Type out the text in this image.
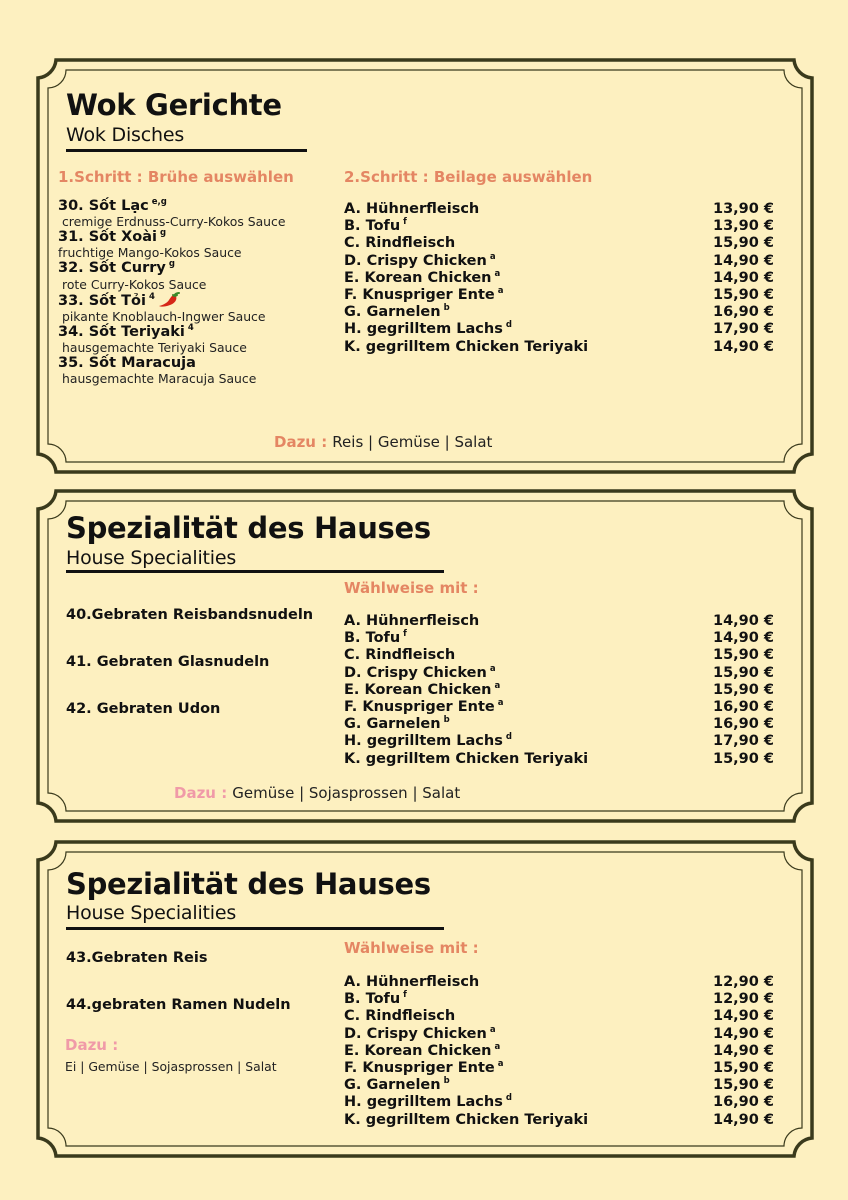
Wok Gerichte
Wok Disches
1.Schritt : Brühe auswählen	2.Schritt : Beilage auswählen
30. Sốt Lạc $^{e,g}$
cremige Erdnuss-Curry-Kokos Sauce
31. Sốt Xoài $^g$
fruchtige Mango-Kokos Sauce
32. Sốt Curry $^g$
rote Curry-Kokos Sauce
33. Sốt Tỏi $^4$
pikante Knoblauch-Ingwer Sauce
34. Sốt Teriyaki $^4$
hausgemachte Teriyaki Sauce
35. Sốt Maracuja
hausgemachte Maracuja Sauce
A. Hühnerfleisch	13,90 €
B. Tofu $^f$	13,90 €
C. Rindfleisch	15,90 €
D. Crispy Chicken $^a$	14,90 €
E. Korean Chicken $^a$	14,90 €
F. Knuspriger Ente $^a$	15,90 €
G. Garnelen $^b$	16,90 €
H. gegrilltem Lachs $^d$	17,90 €
K. gegrilltem Chicken Teriyaki	14,90 €
Dazu : Reis | Gemüse | Salat
Spezialität des Hauses
House Specialities
Wählweise mit :
40.Gebraten Reisbandsnudeln
41. Gebraten Glasnudeln
42. Gebraten Udon
A. Hühnerfleisch	14,90 €
B. Tofu $^f$	14,90 €
C. Rindfleisch	15,90 €
D. Crispy Chicken $^a$	15,90 €
E. Korean Chicken $^a$	15,90 €
F. Knuspriger Ente $^a$	16,90 €
G. Garnelen $^b$	16,90 €
H. gegrilltem Lachs $^d$	17,90 €
K. gegrilltem Chicken Teriyaki	15,90 €
Dazu : Gemüse | Sojasprossen | Salat
Spezialität des Hauses
House Specialities
Wählweise mit :
43.Gebraten Reis
44.gebraten Ramen Nudeln
Dazu :
Ei | Gemüse | Sojasprossen | Salat
A. Hühnerfleisch	12,90 €
B. Tofu $^f$	12,90 €
C. Rindfleisch	14,90 €
D. Crispy Chicken $^a$	14,90 €
E. Korean Chicken $^a$	14,90 €
F. Knuspriger Ente $^a$	15,90 €
G. Garnelen $^b$	15,90 €
H. gegrilltem Lachs $^d$	16,90 €
K. gegrilltem Chicken Teriyaki	14,90 €
